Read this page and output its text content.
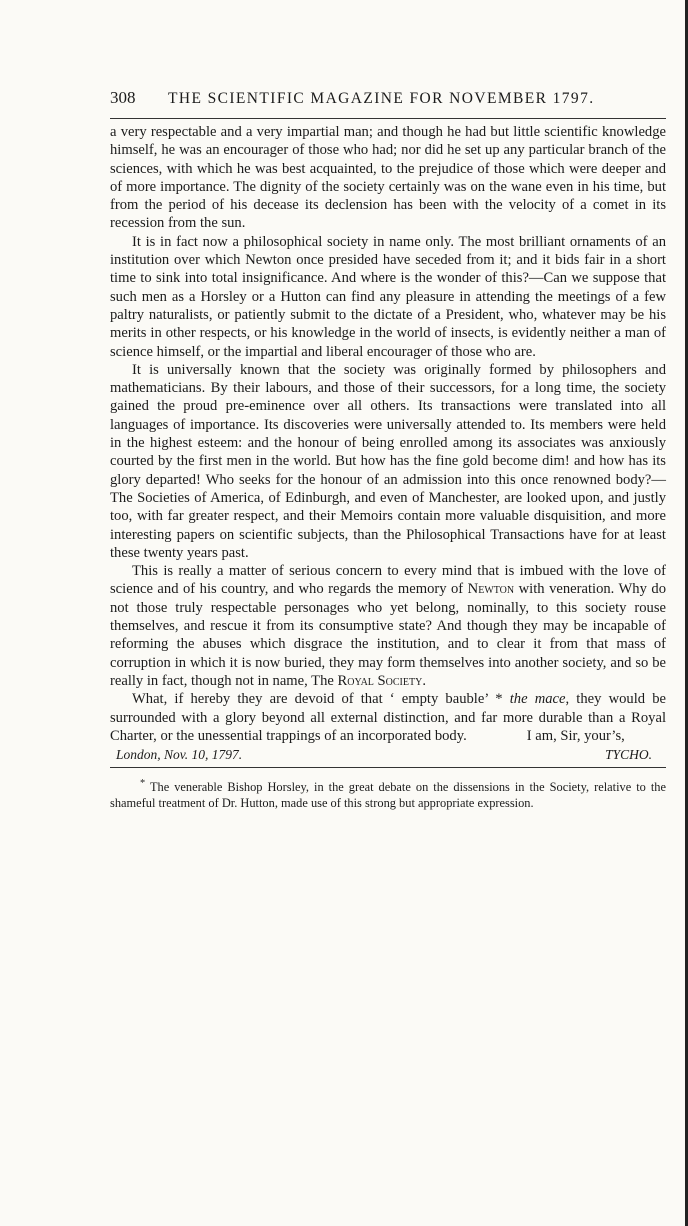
308	THE SCIENTIFIC MAGAZINE FOR NOVEMBER 1797.

a very respectable and a very impartial man; and though he had but little scientific knowledge himself, he was an encourager of those who had; nor did he set up any particular branch of the sciences, with which he was best acquainted, to the prejudice of those which were deeper and of more importance. The dignity of the society certainly was on the wane even in his time, but from the period of his decease its declension has been with the velocity of a comet in its recession from the sun.

It is in fact now a philosophical society in name only. The most brilliant ornaments of an institution over which Newton once presided have seceded from it; and it bids fair in a short time to sink into total insignificance. And where is the wonder of this?—Can we suppose that such men as a Horsley or a Hutton can find any pleasure in attending the meetings of a few paltry naturalists, or patiently submit to the dictate of a President, who, whatever may be his merits in other respects, or his knowledge in the world of insects, is evidently neither a man of science himself, or the impartial and liberal encourager of those who are.

It is universally known that the society was originally formed by philosophers and mathematicians. By their labours, and those of their successors, for a long time, the society gained the proud pre-eminence over all others. Its transactions were translated into all languages of importance. Its discoveries were universally attended to. Its members were held in the highest esteem: and the honour of being enrolled among its associates was anxiously courted by the first men in the world. But how has the fine gold become dim! and how has its glory departed! Who seeks for the honour of an admission into this once renowned body?—The Societies of America, of Edinburgh, and even of Manchester, are looked upon, and justly too, with far greater respect, and their Memoirs contain more valuable disquisition, and more interesting papers on scientific subjects, than the Philosophical Transactions have for at least these twenty years past.

This is really a matter of serious concern to every mind that is imbued with the love of science and of his country, and who regards the memory of Newton with veneration. Why do not those truly respectable personages who yet belong, nominally, to this society rouse themselves, and rescue it from its consumptive state? And though they may be incapable of reforming the abuses which disgrace the institution, and to clear it from that mass of corruption in which it is now buried, they may form themselves into another society, and so be really in fact, though not in name, The Royal Society.

What, if hereby they are devoid of that ‘ empty bauble’ * the mace, they would be surrounded with a glory beyond all external distinction, and far more durable than a Royal Charter, or the unessential trappings of an incorporated body.	I am, Sir, your’s,

London, Nov. 10, 1797.	TYCHO.
* The venerable Bishop Horsley, in the great debate on the dissensions in the Society, relative to the shameful treatment of Dr. Hutton, made use of this strong but appropriate expression.
